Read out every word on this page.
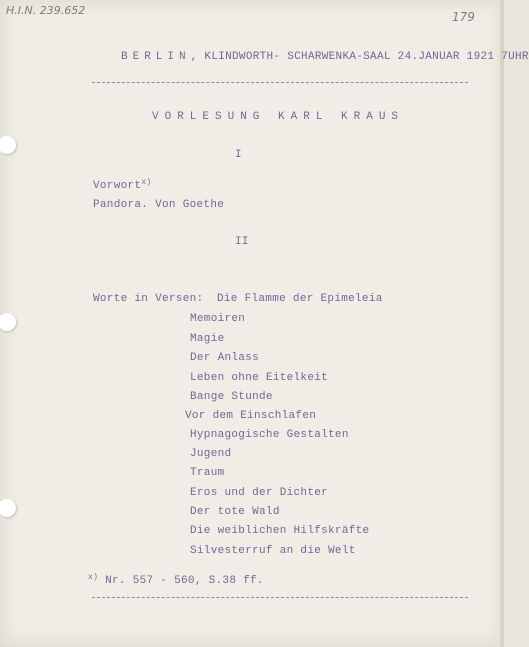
H.I.N. 239.652	179
BERLIN, KLINDWORTH- SCHARWENKA-SAAL 24.JANUAR 1921 7UHR
VORLESUNG KARL KRAUS
I
Vorwort$^{x)}$
Pandora. Von Goethe
II
Worte in Versen: Die Flamme der Epimeleia
Memoiren
Magie
Der Anlass
Leben ohne Eitelkeit
Bange Stunde
Vor dem Einschlafen
Hypnagogische Gestalten
Jugend
Traum
Eros und der Dichter
Der tote Wald
Die weiblichen Hilfskräfte
Silvesterruf an die Welt
$^{x)}$ Nr. 557 - 560, S.38 ff.
